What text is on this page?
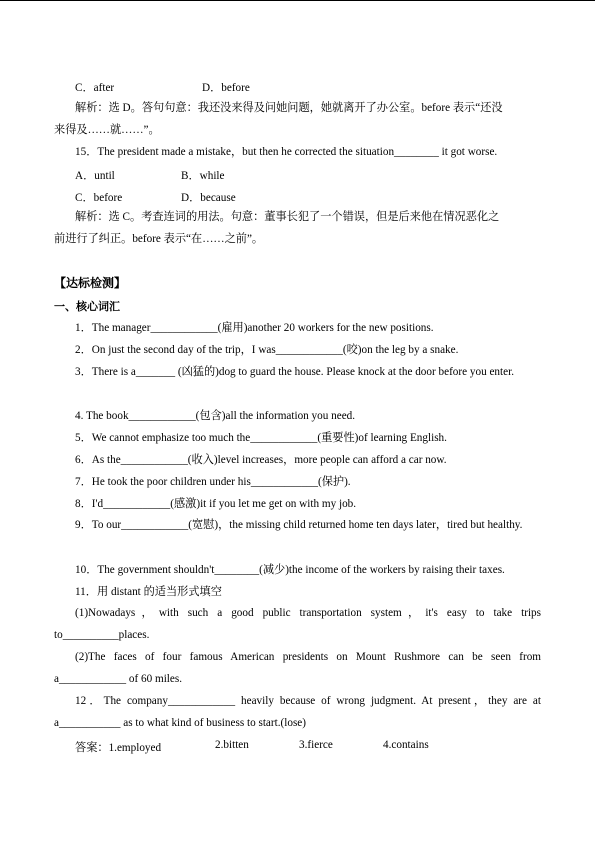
C．after	D．before
解析：选 D。答句句意：我还没来得及问她问题，她就离开了办公室。before 表示“还没
来得及……就……”。
15．The president made a mistake，but then he corrected the situation________ it got worse.
A．until	B．while
C．before	D．because
解析：选 C。考查连词的用法。句意：董事长犯了一个错误，但是后来他在情况恶化之
前进行了纠正。before 表示“在……之前”。
【达标检测】
一、核心词汇
1．The manager____________(雇用)another 20 workers for the new positions.
2．On just the second day of the trip，I was____________(咬)on the leg by a snake.
3．There is a_______ (凶猛的)dog to guard the house. Please knock at the door before you enter.
4. The book____________(包含)all the information you need.
5．We cannot emphasize too much the____________(重要性)of learning English.
6．As the____________(收入)level increases，more people can afford a car now.
7．He took the poor children under his____________(保护).
8．I'd____________(感激)it if you let me get on with my job.
9．To our____________(宽慰)，the missing child returned home ten days later，tired but healthy.
10．The government shouldn't________(减少)the income of the workers by raising their taxes.
11．用 distant 的适当形式填空
(1)Nowadays，with such a good public transportation system，it's easy to take trips to__________places.
(2)The faces of four famous American presidents on Mount Rushmore can be seen from a____________ of 60 miles.
12．The company____________ heavily because of wrong judgment. At present，they are at a___________ as to what kind of business to start.(lose)
答案：1.employed	2.bitten	3.fierce	4.contains
